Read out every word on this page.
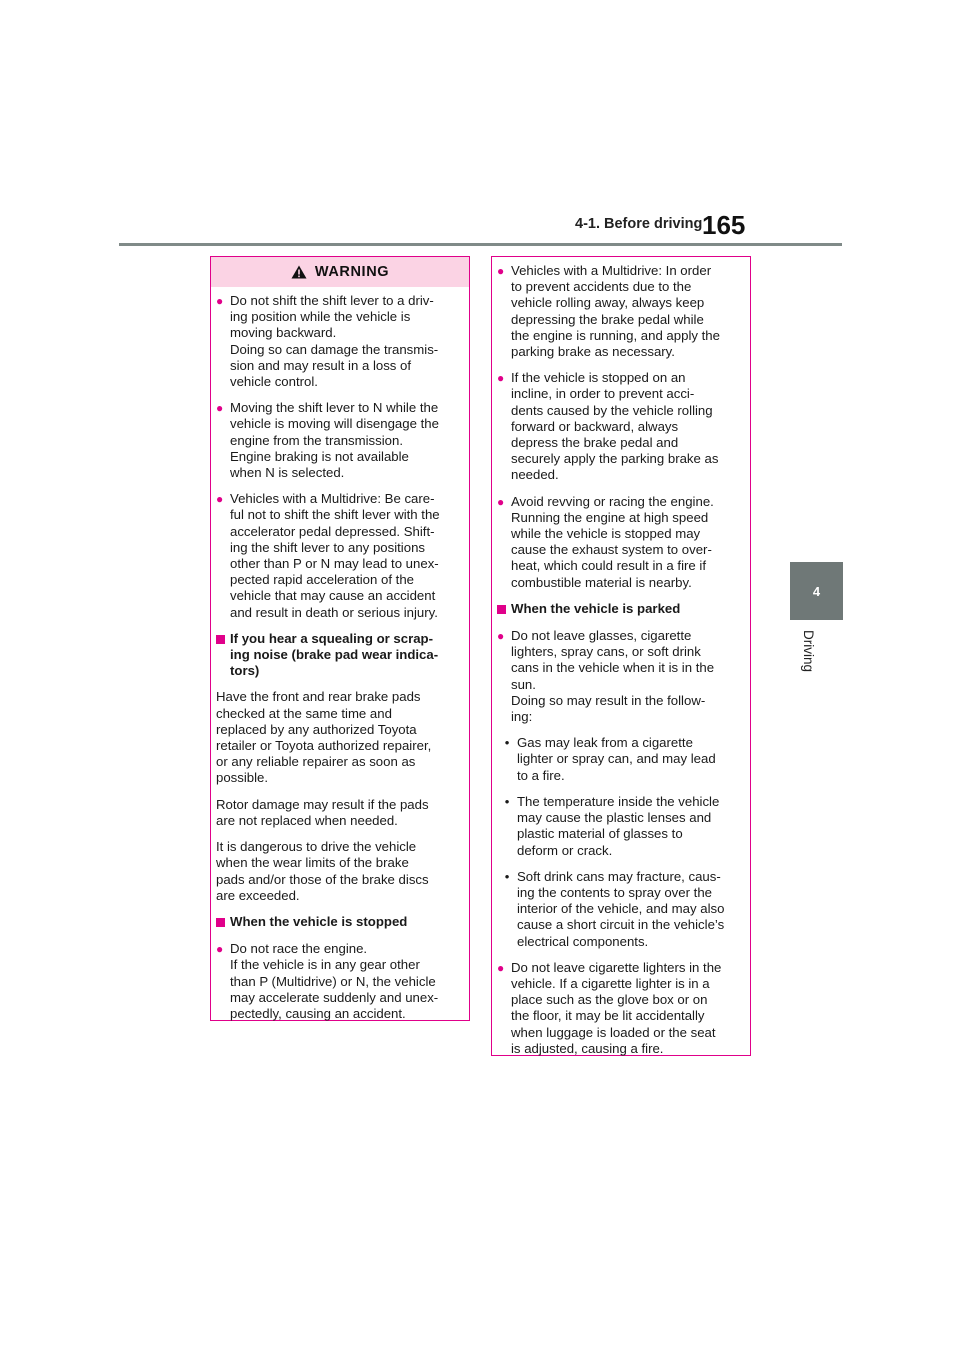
4-1. Before driving 165
4
Driving
WARNING
● Do not shift the shift lever to a driv-
ing position while the vehicle is
moving backward.
Doing so can damage the transmis-
sion and may result in a loss of
vehicle control.
● Moving the shift lever to N while the
vehicle is moving will disengage the
engine from the transmission.
Engine braking is not available
when N is selected.
● Vehicles with a Multidrive: Be care-
ful not to shift the shift lever with the
accelerator pedal depressed. Shift-
ing the shift lever to any positions
other than P or N may lead to unex-
pected rapid acceleration of the
vehicle that may cause an accident
and result in death or serious injury.
If you hear a squealing or scrap-
ing noise (brake pad wear indica-
tors)

Have the front and rear brake pads
checked at the same time and
replaced by any authorized Toyota
retailer or Toyota authorized repairer,
or any reliable repairer as soon as
possible.

Rotor damage may result if the pads
are not replaced when needed.

It is dangerous to drive the vehicle
when the wear limits of the brake
pads and/or those of the brake discs
are exceeded.

When the vehicle is stopped
● Do not race the engine.
If the vehicle is in any gear other
than P (Multidrive) or N, the vehicle
may accelerate suddenly and unex-
pectedly, causing an accident.
● Vehicles with a Multidrive: In order
to prevent accidents due to the
vehicle rolling away, always keep
depressing the brake pedal while
the engine is running, and apply the
parking brake as necessary.
● If the vehicle is stopped on an
incline, in order to prevent acci-
dents caused by the vehicle rolling
forward or backward, always
depress the brake pedal and
securely apply the parking brake as
needed.
● Avoid revving or racing the engine.
Running the engine at high speed
while the vehicle is stopped may
cause the exhaust system to over-
heat, which could result in a fire if
combustible material is nearby.
When the vehicle is parked
● Do not leave glasses, cigarette
lighters, spray cans, or soft drink
cans in the vehicle when it is in the
sun.
Doing so may result in the follow-
ing:
• Gas may leak from a cigarette
lighter or spray can, and may lead
to a fire.
• The temperature inside the vehicle
may cause the plastic lenses and
plastic material of glasses to
deform or crack.
• Soft drink cans may fracture, caus-
ing the contents to spray over the
interior of the vehicle, and may also
cause a short circuit in the vehicle’s
electrical components.
● Do not leave cigarette lighters in the
vehicle. If a cigarette lighter is in a
place such as the glove box or on
the floor, it may be lit accidentally
when luggage is loaded or the seat
is adjusted, causing a fire.
